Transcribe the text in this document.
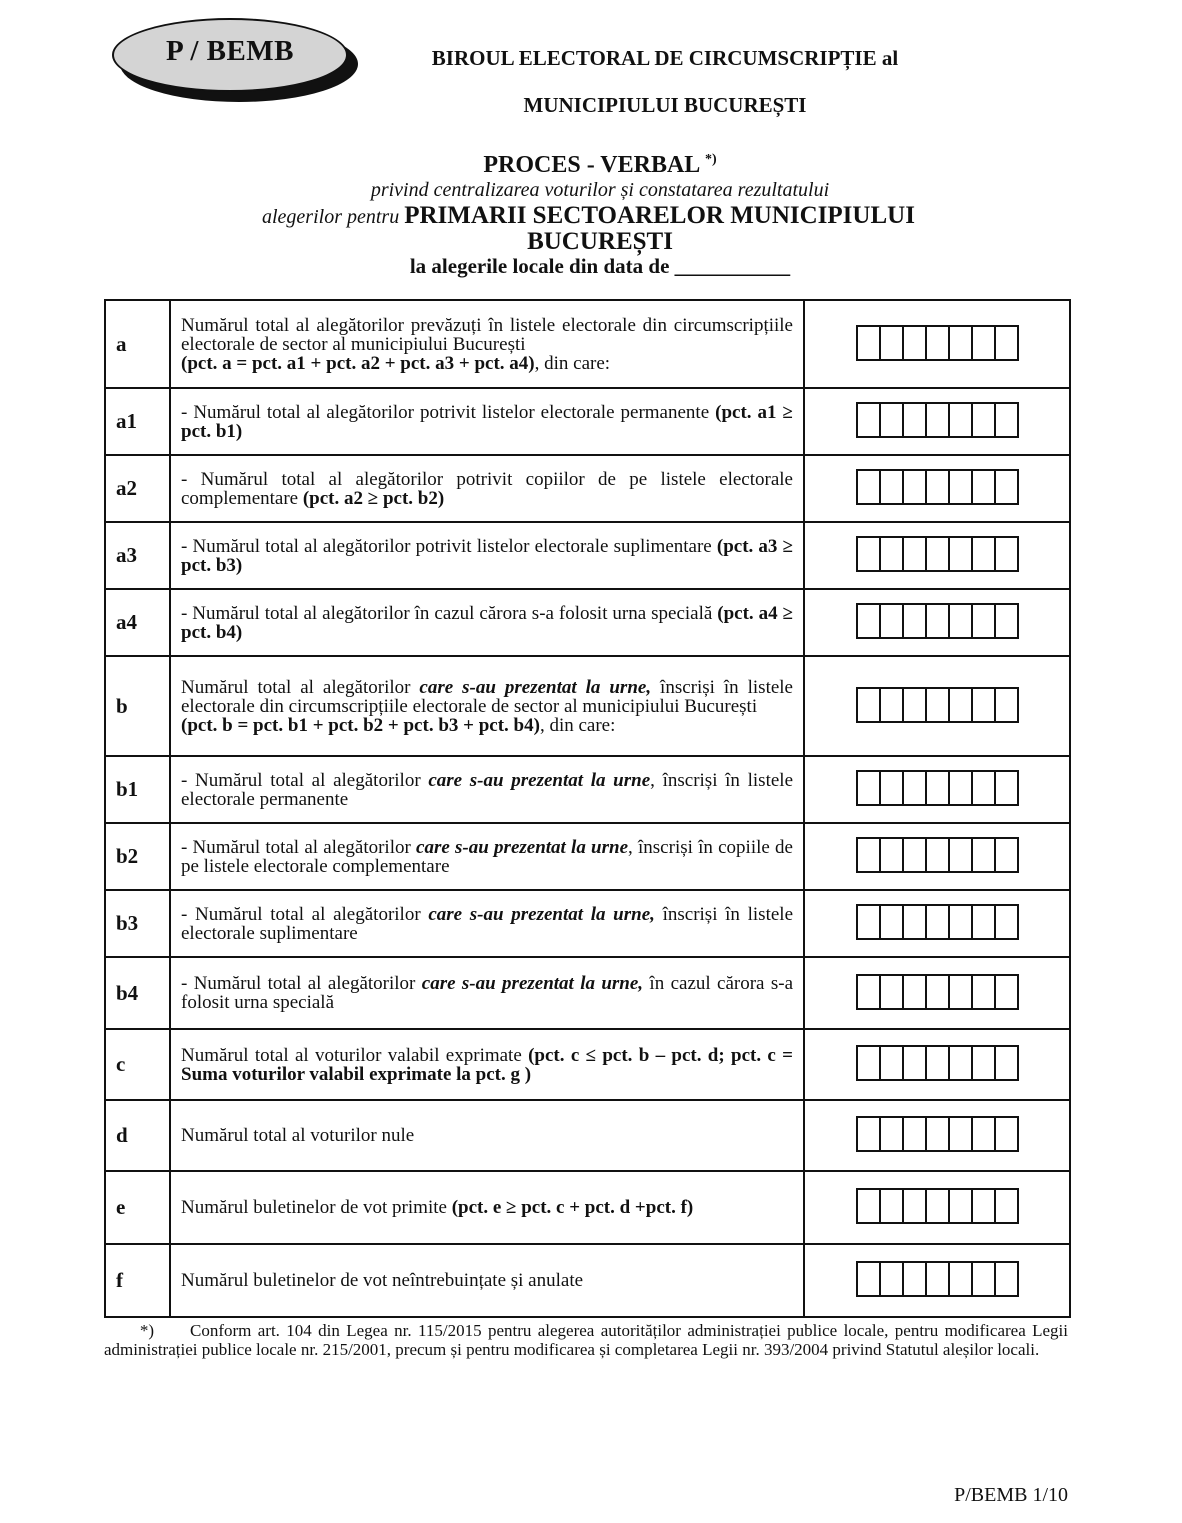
P / BEMB	BIROUL ELECTORAL DE CIRCUMSCRIPȚIE al
MUNICIPIULUI BUCUREȘTI
PROCES - VERBAL *)
privind centralizarea voturilor și constatarea rezultatului
alegerilor pentru PRIMARII SECTOARELOR MUNICIPIULUI
BUCUREȘTI
la alegerile locale din data de ___________
a	Numărul total al alegătorilor prevăzuți în listele electorale din circumscripțiile electorale de sector al municipiului București
(pct. a = pct. a1 + pct. a2 + pct. a3 + pct. a4), din care:	

a1	- Numărul total al alegătorilor potrivit listelor electorale permanente (pct. a1 ≥ pct. b1)	

a2	- Numărul total al alegătorilor potrivit copiilor de pe listele electorale complementare (pct. a2 ≥ pct. b2)	

a3	- Numărul total al alegătorilor potrivit listelor electorale suplimentare (pct. a3 ≥ pct. b3)	

a4	- Numărul total al alegătorilor în cazul cărora s-a folosit urna specială (pct. a4 ≥ pct. b4)	

b	Numărul total al alegătorilor care s-au prezentat la urne, înscriși în listele electorale din circumscripțiile electorale de sector al municipiului București
(pct. b = pct. b1 + pct. b2 + pct. b3 + pct. b4), din care:	

b1	- Numărul total al alegătorilor care s-au prezentat la urne, înscriși în listele electorale permanente	

b2	- Numărul total al alegătorilor care s-au prezentat la urne, înscriși în copiile de pe listele electorale complementare	

b3	- Numărul total al alegătorilor care s-au prezentat la urne, înscriși în listele electorale suplimentare	

b4	- Numărul total al alegătorilor care s-au prezentat la urne, în cazul cărora s-a folosit urna specială	

c	Numărul total al voturilor valabil exprimate (pct. c ≤ pct. b – pct. d; pct. c = Suma voturilor valabil exprimate la pct. g )	

d	Numărul total al voturilor nule	

e	Numărul buletinelor de vot primite (pct. e ≥ pct. c + pct. d +pct. f)	

f	Numărul buletinelor de vot neîntrebuințate și anulate	
*) Conform art. 104 din Legea nr. 115/2015 pentru alegerea autorităților administrației publice locale, pentru modificarea Legii administrației publice locale nr. 215/2001, precum și pentru modificarea și completarea Legii nr. 393/2004 privind Statutul aleșilor locali.
P/BEMB 1/10
